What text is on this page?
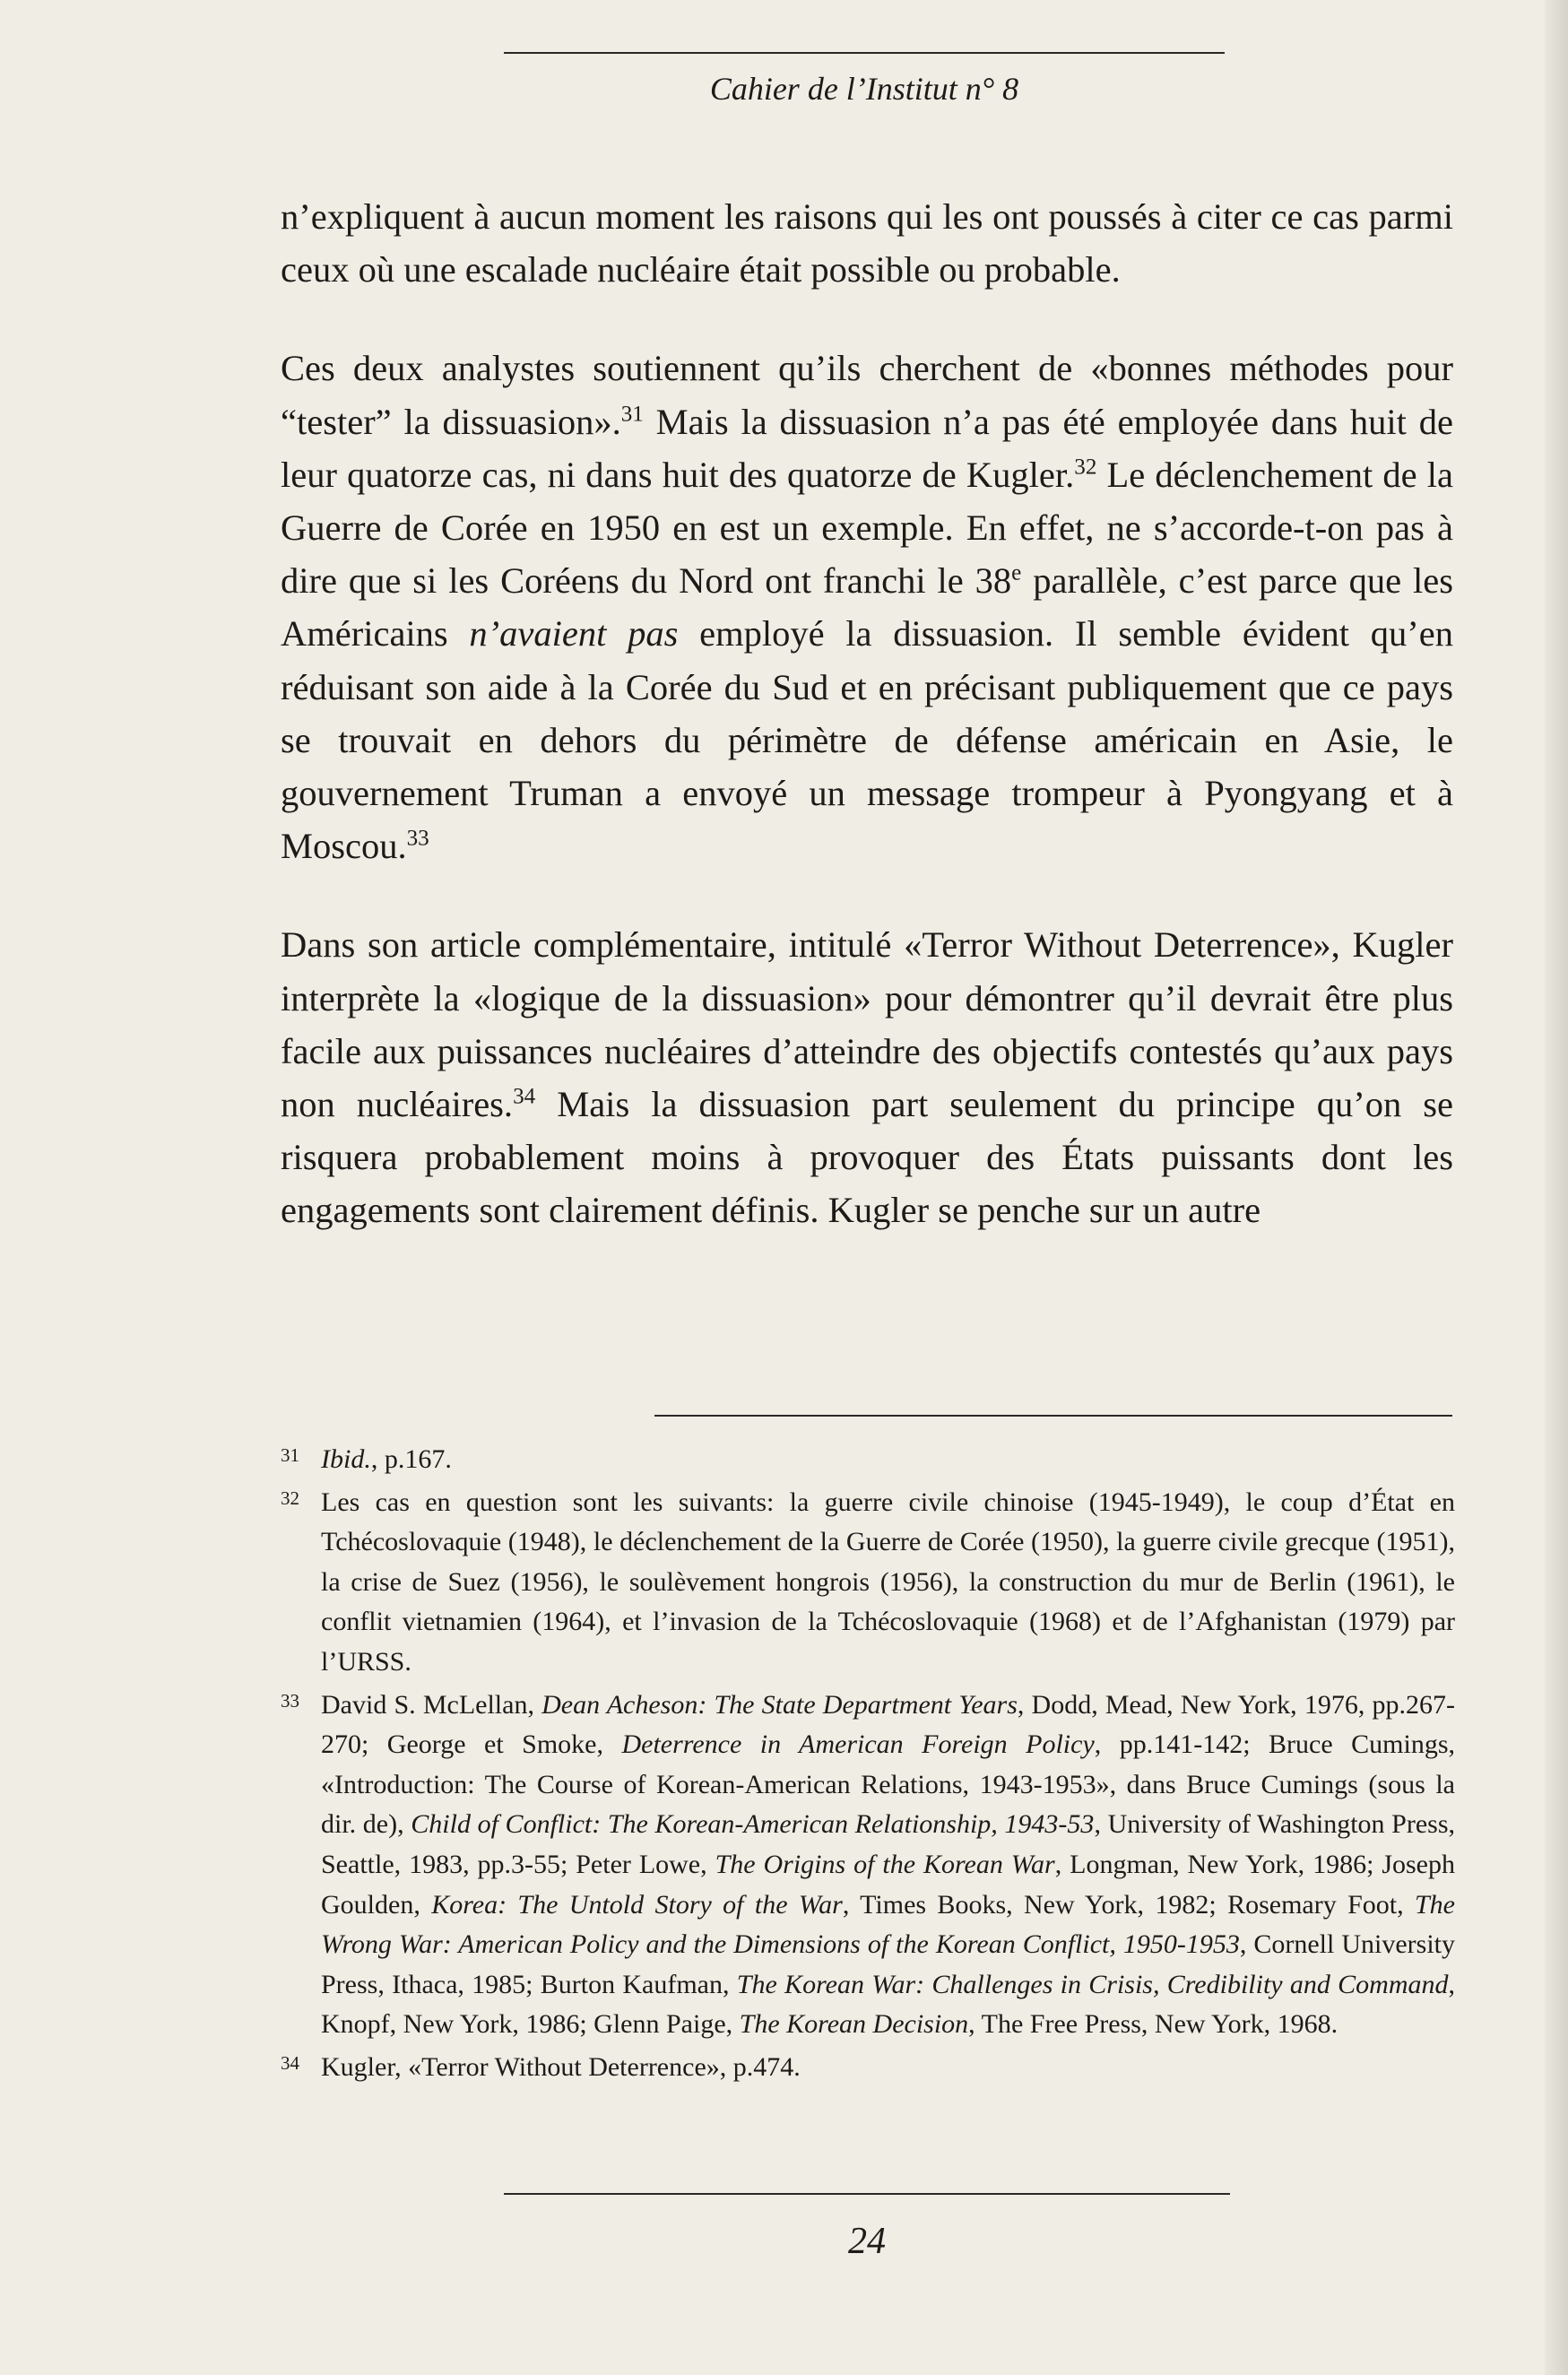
Cahier de l’Institut n° 8

n’expliquent à aucun moment les raisons qui les ont poussés à citer ce cas parmi ceux où une escalade nucléaire était possible ou probable.

Ces deux analystes soutiennent qu’ils cherchent de «bonnes méthodes pour “tester” la dissuasion».$^{31}$ Mais la dissuasion n’a pas été employée dans huit de leur quatorze cas, ni dans huit des quatorze de Kugler.$^{32}$ Le déclenchement de la Guerre de Corée en 1950 en est un exemple. En effet, ne s’accorde-t-on pas à dire que si les Coréens du Nord ont franchi le 38e parallèle, c’est parce que les Américains n’avaient pas employé la dissuasion. Il semble évident qu’en réduisant son aide à la Corée du Sud et en précisant publiquement que ce pays se trouvait en dehors du périmètre de défense américain en Asie, le gouvernement Truman a envoyé un message trompeur à Pyongyang et à Moscou.$^{33}$

Dans son article complémentaire, intitulé «Terror Without Deterrence», Kugler interprète la «logique de la dissuasion» pour démontrer qu’il devrait être plus facile aux puissances nucléaires d’atteindre des objectifs contestés qu’aux pays non nucléaires.$^{34}$ Mais la dissuasion part seulement du principe qu’on se risquera probablement moins à provoquer des États puissants dont les engagements sont clairement définis. Kugler se penche sur un autre

31 Ibid., p.167.
32 Les cas en question sont les suivants: la guerre civile chinoise (1945-1949), le coup d’État en Tchécoslovaquie (1948), le déclenchement de la Guerre de Corée (1950), la guerre civile grecque (1951), la crise de Suez (1956), le soulèvement hongrois (1956), la construction du mur de Berlin (1961), le conflit vietnamien (1964), et l’invasion de la Tchécoslovaquie (1968) et de l’Afghanistan (1979) par l’URSS.
33 David S. McLellan, Dean Acheson: The State Department Years, Dodd, Mead, New York, 1976, pp.267-270; George et Smoke, Deterrence in American Foreign Policy, pp.141-142; Bruce Cumings, «Introduction: The Course of Korean-American Relations, 1943-1953», dans Bruce Cumings (sous la dir. de), Child of Conflict: The Korean-American Relationship, 1943-53, University of Washington Press, Seattle, 1983, pp.3-55; Peter Lowe, The Origins of the Korean War, Longman, New York, 1986; Joseph Goulden, Korea: The Untold Story of the War, Times Books, New York, 1982; Rosemary Foot, The Wrong War: American Policy and the Dimensions of the Korean Conflict, 1950-1953, Cornell University Press, Ithaca, 1985; Burton Kaufman, The Korean War: Challenges in Crisis, Credibility and Command, Knopf, New York, 1986; Glenn Paige, The Korean Decision, The Free Press, New York, 1968.
34 Kugler, «Terror Without Deterrence», p.474.
24
